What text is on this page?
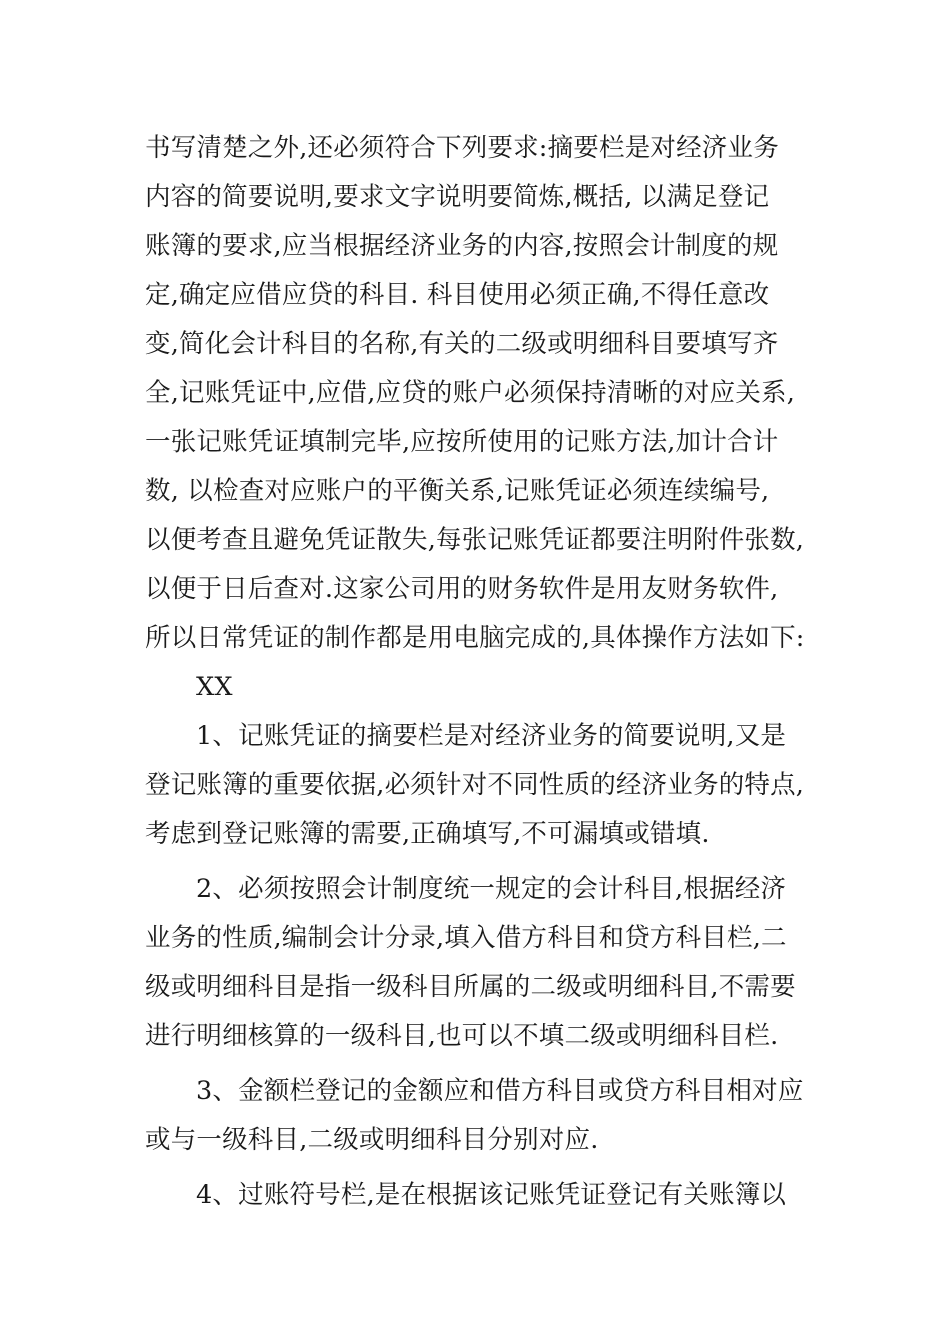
书写清楚之外,还必须符合下列要求:摘要栏是对经济业务
内容的简要说明,要求文字说明要简炼,概括, 以满足登记
账簿的要求,应当根据经济业务的内容,按照会计制度的规
定,确定应借应贷的科目. 科目使用必须正确,不得任意改
变,简化会计科目的名称,有关的二级或明细科目要填写齐
全,记账凭证中,应借,应贷的账户必须保持清晰的对应关系,
一张记账凭证填制完毕,应按所使用的记账方法,加计合计
数, 以检查对应账户的平衡关系,记账凭证必须连续编号,
以便考查且避免凭证散失,每张记账凭证都要注明附件张数,
以便于日后查对.这家公司用的财务软件是用友财务软件,
所以日常凭证的制作都是用电脑完成的,具体操作方法如下:
XX
1、记账凭证的摘要栏是对经济业务的简要说明,又是
登记账簿的重要依据,必须针对不同性质的经济业务的特点,
考虑到登记账簿的需要,正确填写,不可漏填或错填.
2、必须按照会计制度统一规定的会计科目,根据经济
业务的性质,编制会计分录,填入借方科目和贷方科目栏,二
级或明细科目是指一级科目所属的二级或明细科目,不需要
进行明细核算的一级科目,也可以不填二级或明细科目栏.
3、金额栏登记的金额应和借方科目或贷方科目相对应
或与一级科目,二级或明细科目分别对应.
4、过账符号栏,是在根据该记账凭证登记有关账簿以
